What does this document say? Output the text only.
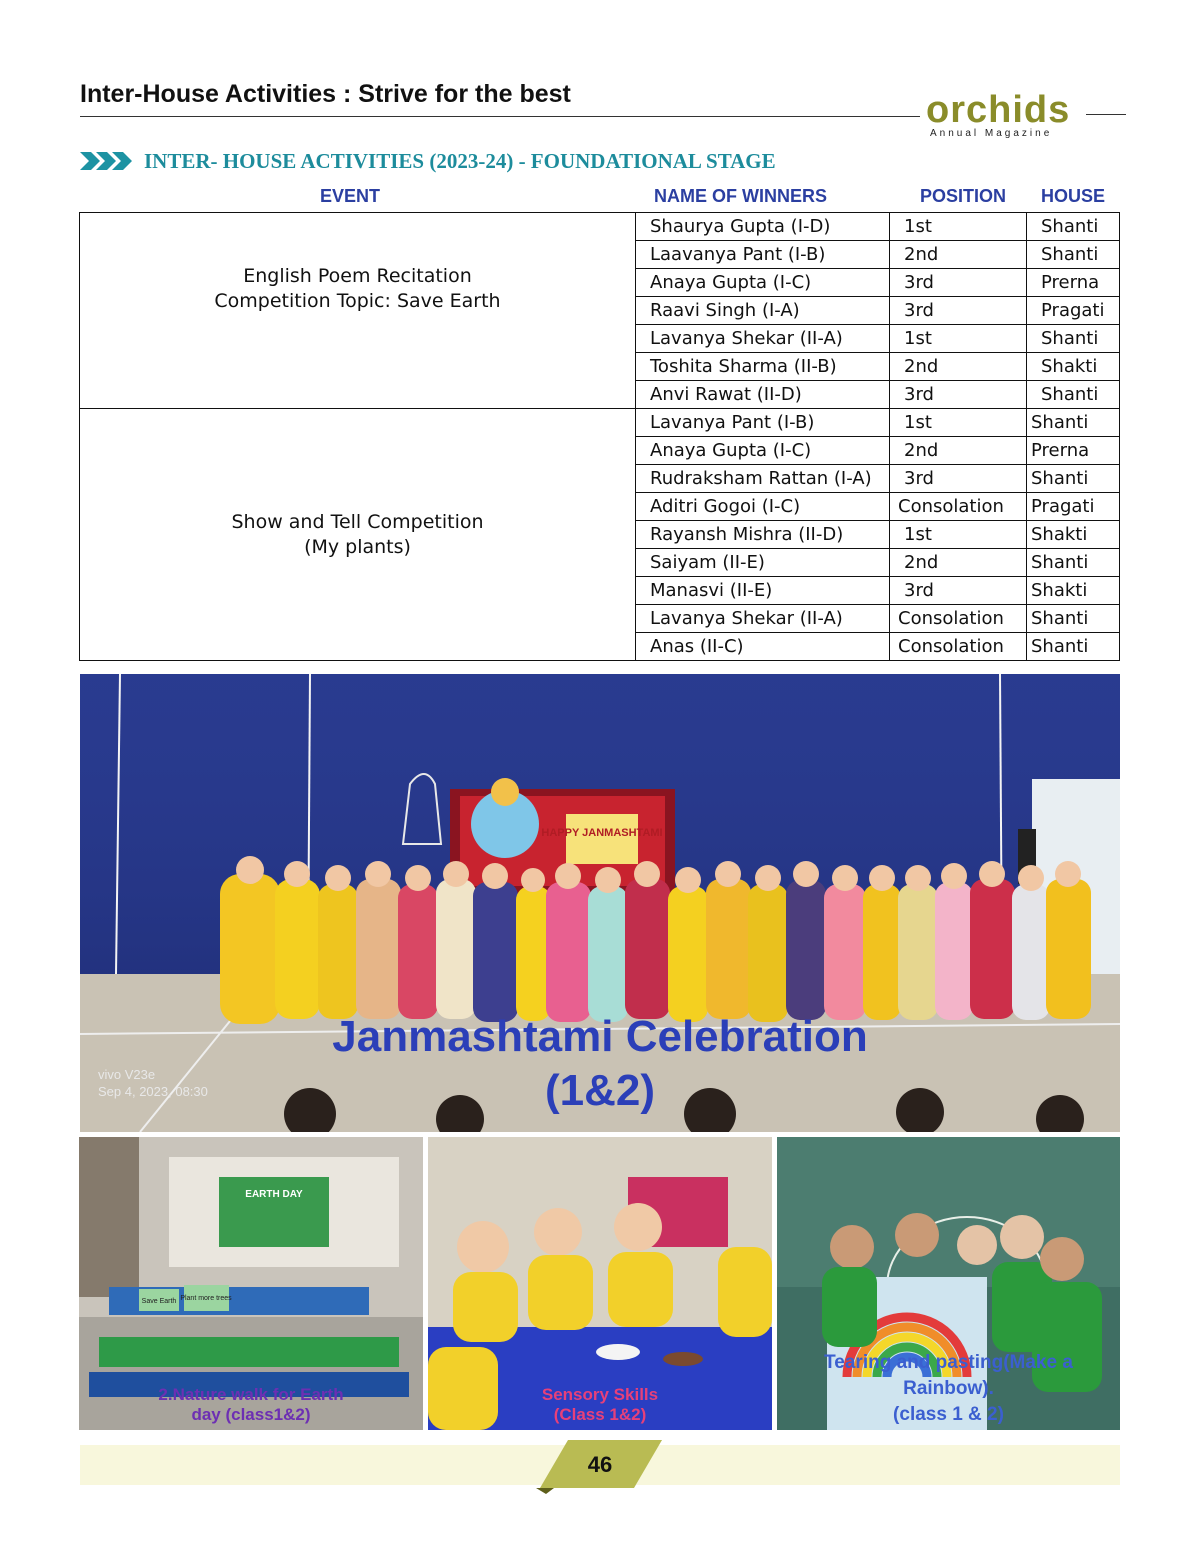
Inter-House Activities : Strive for the best	orchids
Annual Magazine
INTER- HOUSE ACTIVITIES (2023-24) - FOUNDATIONAL STAGE
EVENT	NAME OF WINNERS	POSITION HOUSE
English Poem Recitation
Competition Topic: Save Earth	Shaurya Gupta (I-D)	1st	Shanti
	Laavanya Pant (I-B)	2nd	Shanti
	Anaya Gupta (I-C)	3rd	Prerna
	Raavi Singh (I-A)	3rd	Pragati
	Lavanya Shekar (II-A)	1st	Shanti
	Toshita Sharma (II-B)	2nd	Shakti
	Anvi Rawat (II-D)	3rd	Shanti

Show and Tell Competition
(My plants)	Lavanya Pant (I-B)	1st	Shanti
	Anaya Gupta (I-C)	2nd	Prerna
	Rudraksham Rattan (I-A)	3rd	Shanti
	Aditri Gogoi (I-C)	Consolation	Pragati
	Rayansh Mishra (II-D)	1st	Shakti
	Saiyam (II-E)	2nd	Shanti
	Manasvi (II-E)	3rd	Shakti
	Lavanya Shekar (II-A)	Consolation	Shanti
	Anas (II-C)	Consolation	Shanti
HAPPY JANMASHTAMI
vivo V23e
Sep 4, 2023, 08:30
Janmashtami Celebration
(1&2)
EARTH DAY
Save Earth Plant more trees
2.Nature walk for Earth
day (class1&2)
Sensory Skills
(Class 1&2)
Tearing and pasting(Make a
Rainbow).
(class 1 & 2)
46
